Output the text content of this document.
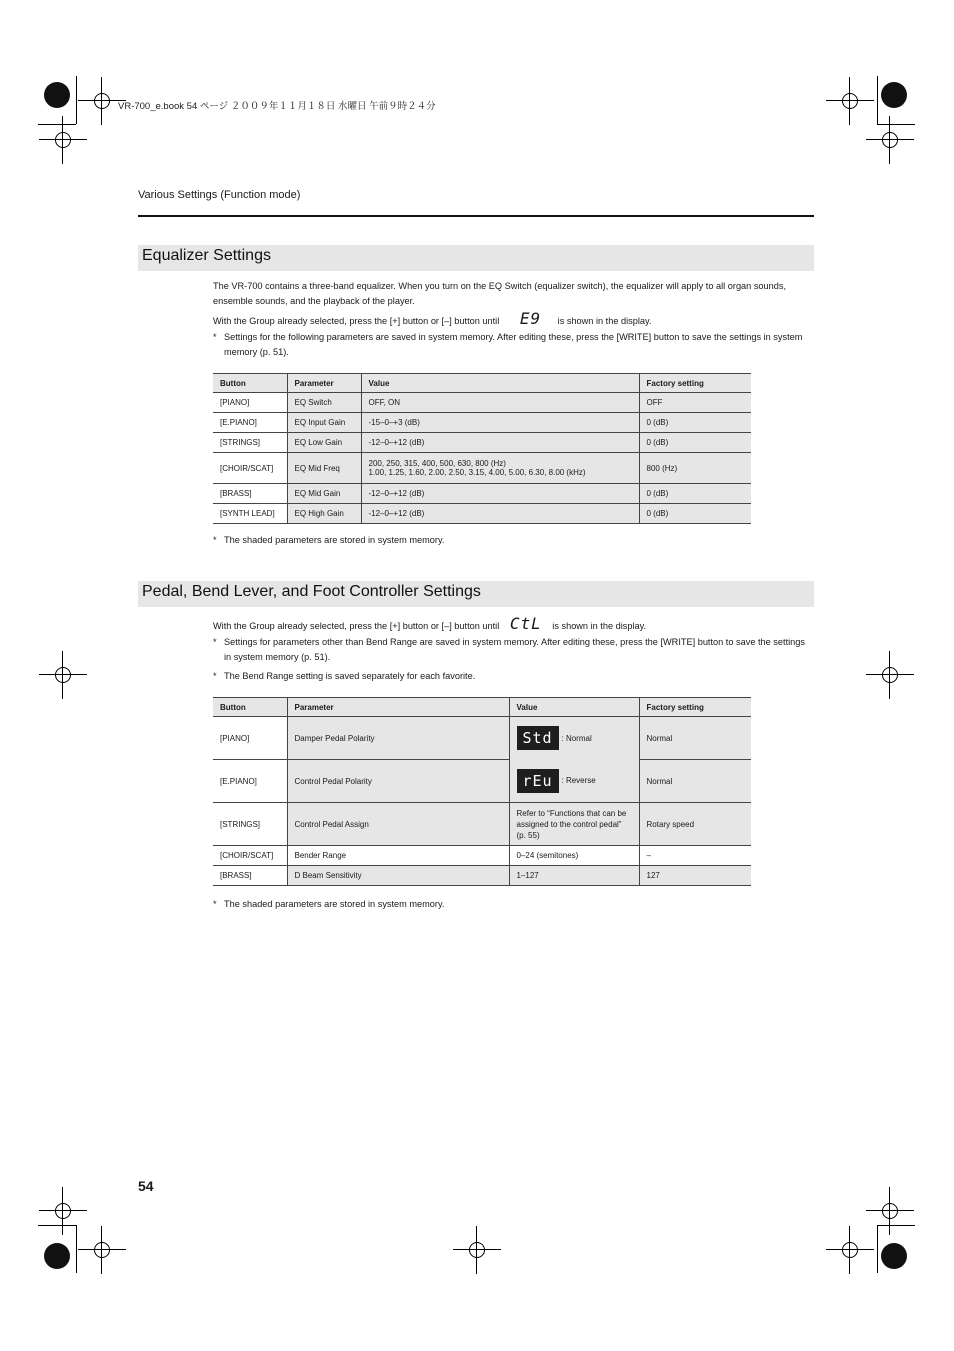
VR-700_e.book 54 ページ ２００９年１１月１８日 水曜日 午前９時２４分
Various Settings (Function mode)
Equalizer Settings
The VR-700 contains a three-band equalizer. When you turn on the EQ Switch (equalizer switch), the equalizer will apply to all organ sounds, ensemble sounds, and the playback of the player.
With the Group already selected, press the [+] button or [–] button until E9 is shown in the display.
* Settings for the following parameters are saved in system memory. After editing these, press the [WRITE] button to save the settings in system memory (p. 51).
Button	Parameter	Value	Factory setting
[PIANO]	EQ Switch	OFF, ON	OFF
[E.PIANO]	EQ Input Gain	-15–0–+3 (dB)	0 (dB)
[STRINGS]	EQ Low Gain	-12–0–+12 (dB)	0 (dB)
[CHOIR/SCAT]	EQ Mid Freq	200, 250, 315, 400, 500, 630, 800 (Hz)
1.00, 1.25, 1.60, 2.00, 2.50, 3.15, 4.00, 5.00, 6.30, 8.00 (kHz)	800 (Hz)
[BRASS]	EQ Mid Gain	-12–0–+12 (dB)	0 (dB)
[SYNTH LEAD]	EQ High Gain	-12–0–+12 (dB)	0 (dB)
* The shaded parameters are stored in system memory.
Pedal, Bend Lever, and Foot Controller Settings
With the Group already selected, press the [+] button or [–] button until CtL is shown in the display.
* Settings for parameters other than Bend Range are saved in system memory. After editing these, press the [WRITE] button to save the settings in system memory (p. 51).
* The Bend Range setting is saved separately for each favorite.
Button	Parameter	Value	Factory setting
[PIANO]	Damper Pedal Polarity	Std : Normal	Normal
[E.PIANO]	Control Pedal Polarity	rEu : Reverse	Normal
[STRINGS]	Control Pedal Assign	Refer to “Functions that can be assigned to the control pedal” (p. 55)	Rotary speed
[CHOIR/SCAT]	Bender Range	0–24 (semitones)	–
[BRASS]	D Beam Sensitivity	1–127	127
* The shaded parameters are stored in system memory.
54
